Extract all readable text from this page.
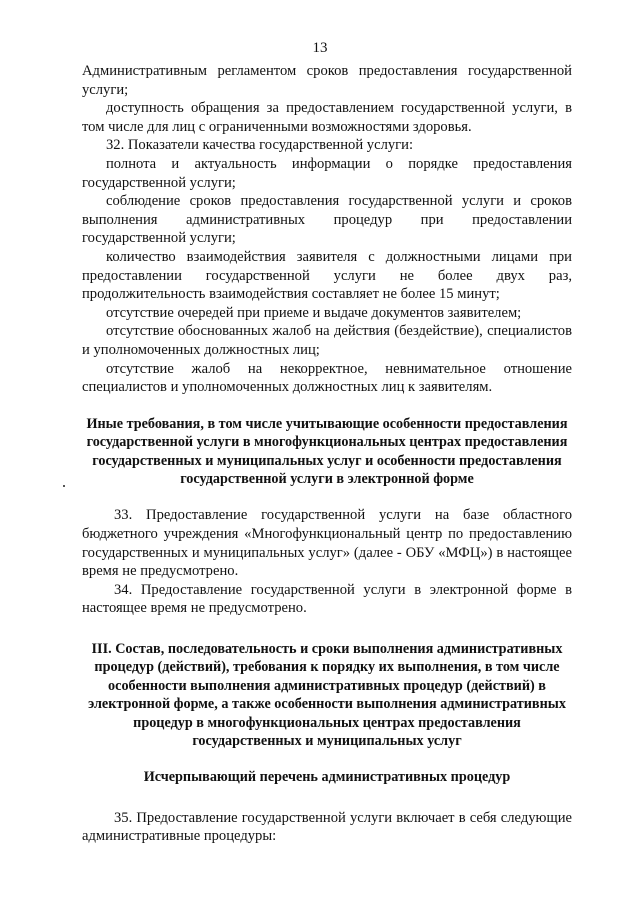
13
Административным регламентом сроков предоставления государственной услуги;
доступность обращения за предоставлением государственной услуги, в том числе для лиц с ограниченными возможностями здоровья.
32. Показатели качества государственной услуги:
полнота и актуальность информации о порядке предоставления государственной услуги;
соблюдение сроков предоставления государственной услуги и сроков выполнения административных процедур при предоставлении государственной услуги;
количество взаимодействия заявителя с должностными лицами при предоставлении государственной услуги не более двух раз, продолжительность взаимодействия составляет не более 15 минут;
отсутствие очередей при приеме и выдаче документов заявителем;
отсутствие обоснованных жалоб на действия (бездействие), специалистов и уполномоченных должностных лиц;
отсутствие жалоб на некорректное, невнимательное отношение специалистов и уполномоченных должностных лиц к заявителям.
Иные требования, в том числе учитывающие особенности предоставления государственной услуги в многофункциональных центрах предоставления государственных и муниципальных услуг и особенности предоставления государственной услуги в электронной форме
33. Предоставление государственной услуги на базе областного бюджетного учреждения «Многофункциональный центр по предоставлению государственных и муниципальных услуг» (далее - ОБУ «МФЦ») в настоящее время не предусмотрено.
34. Предоставление государственной услуги в электронной форме в настоящее время не предусмотрено.
III. Состав, последовательность и сроки выполнения административных процедур (действий), требования к порядку их выполнения, в том числе особенности выполнения административных процедур (действий) в электронной форме, а также особенности выполнения административных процедур в многофункциональных центрах предоставления государственных и муниципальных услуг
Исчерпывающий перечень административных процедур
35. Предоставление государственной услуги включает в себя следующие административные процедуры:
